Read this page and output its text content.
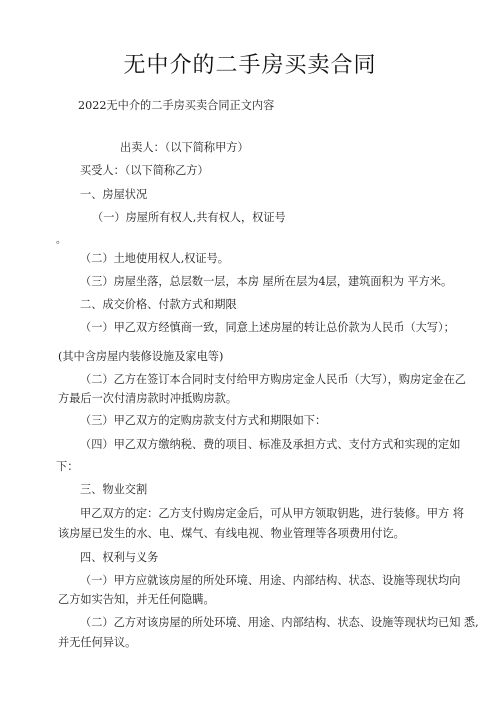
无中介的二手房买卖合同
2022无中介的二手房买卖合同正文内容
出卖人：（以下简称甲方）
买受人：（以下简称乙方）
一、房屋状况
（一）房屋所有权人,共有权人，权证号
。
（二）土地使用权人,权证号。
（三）房屋坐落，总层数一层，本房 屋所在层为4层，建筑面积为 平方米。
二、成交价格、付款方式和期限
（一）甲乙双方经慎商一致，同意上述房屋的转让总价款为人民币（大写）；
(其中含房屋内装修设施及家电等)
（二）乙方在签订本合同时支付给甲方购房定金人民币（大写），购房定金在乙
方最后一次付清房款时冲抵购房款。
（三）甲乙双方的定购房款支付方式和期限如下：
（四）甲乙双方缴纳税、费的项目、标准及承担方式、支付方式和实现的定如
下：
三、物业交割
甲乙双方的定：乙方支付购房定金后，可从甲方领取钥匙，进行装修。甲方 将
该房屋已发生的水、电、煤气、有线电视、物业管理等各项费用付讫。
四、权利与义务
（一）甲方应就该房屋的所处环境、用途、内部结构、状态、设施等现状均向
乙方如实告知，并无任何隐瞒。
（二）乙方对该房屋的所处环境、用途、内部结构、状态、设施等现状均已知 悉,
并无任何异议。
